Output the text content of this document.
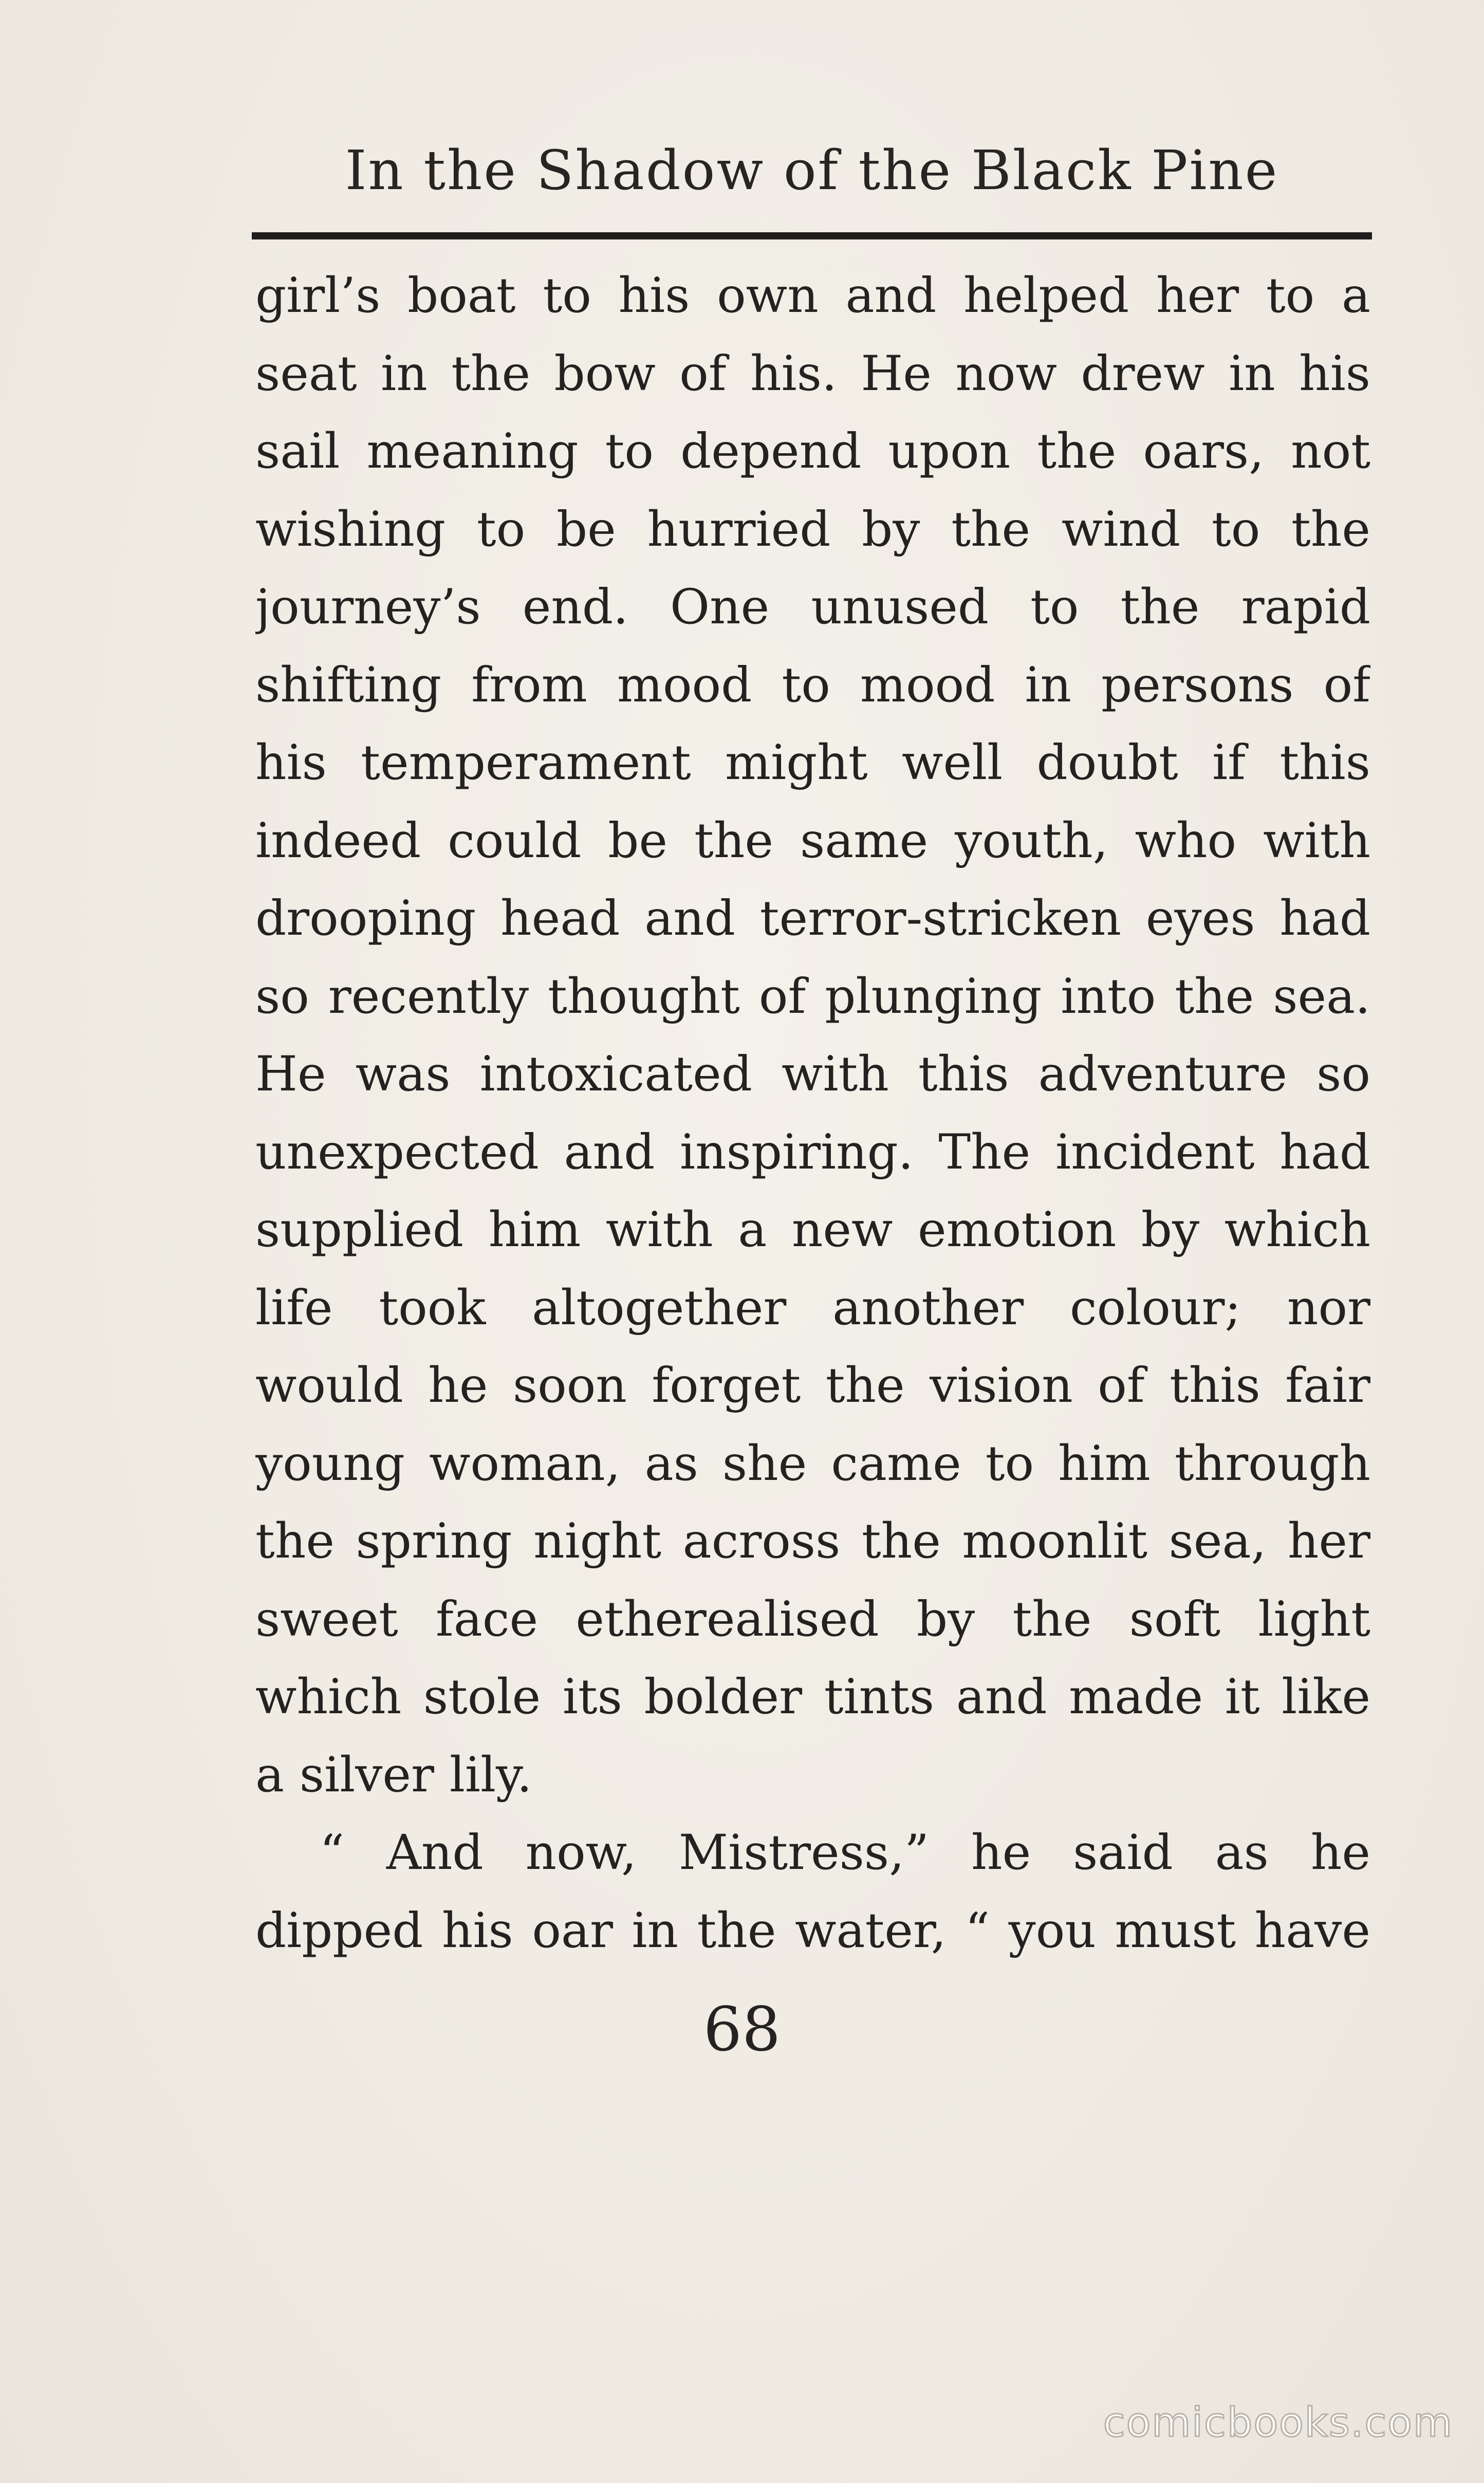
In the Shadow of the Black Pine
girl’s boat to his own and helped her to a
seat in the bow of his. He now drew in his
sail meaning to depend upon the oars, not
wishing to be hurried by the wind to the
journey’s end. One unused to the rapid
shifting from mood to mood in persons of
his temperament might well doubt if this
indeed could be the same youth, who with
drooping head and terror-stricken eyes had
so recently thought of plunging into the sea.
He was intoxicated with this adventure so
unexpected and inspiring. The incident had
supplied him with a new emotion by which
life took altogether another colour; nor
would he soon forget the vision of this fair
young woman, as she came to him through
the spring night across the moonlit sea, her
sweet face etherealised by the soft light
which stole its bolder tints and made it like
a silver lily.
“ And now, Mistress,” he said as he
dipped his oar in the water, “ you must have
68
comicbooks.com
